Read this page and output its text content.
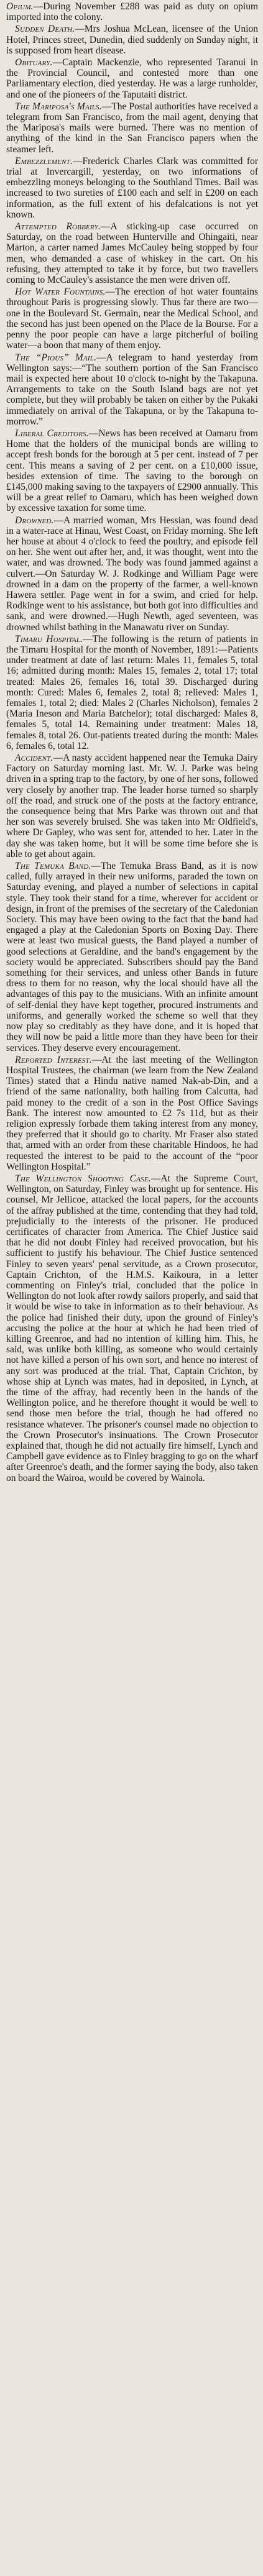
Opium.—During November £288 was paid as duty on opium imported into the colony.

Sudden Death.—Mrs Joshua McLean, licensee of the Union Hotel, Princes street, Dunedin, died suddenly on Sunday night, it is supposed from heart disease.

Obituary.—Captain Mackenzie, who represented Taranui in the Provincial Council, and contested more than one Parliamentary election, died yesterday. He was a large runholder, and one of the pioneers of the Taputaiti district.

The Mariposa's Mails.—The Postal authorities have received a telegram from San Francisco, from the mail agent, denying that the Mariposa's mails were burned. There was no mention of anything of the kind in the San Francisco papers when the steamer left.

Embezzlement.—Frederick Charles Clark was committed for trial at Invercargill, yesterday, on two informations of embezzling moneys belonging to the Southland Times. Bail was increased to two sureties of £100 each and self in £200 on each information, as the full extent of his defalcations is not yet known.

Attempted Robbery.—A sticking-up case occurred on Saturday, on the road between Hunterville and Ohingaiti, near Marton, a carter named James McCauley being stopped by four men, who demanded a case of whiskey in the cart. On his refusing, they attempted to take it by force, but two travellers coming to McCauley's assistance the men were driven off.

Hot Water Fountains.—The erection of hot water fountains throughout Paris is progressing slowly. Thus far there are two—one in the Boulevard St. Germain, near the Medical School, and the second has just been opened on the Place de la Bourse. For a penny the poor people can have a large pitcherful of boiling water—a boon that many of them enjoy.

The “Pious” Mail.—A telegram to hand yesterday from Wellington says:—“The southern portion of the San Francisco mail is expected here about 10 o'clock to-night by the Takapuna. Arrangements to take on the South Island bags are not yet complete, but they will probably be taken on either by the Pukaki immediately on arrival of the Takapuna, or by the Takapuna to-morrow.”

Liberal Creditors.—News has been received at Oamaru from Home that the holders of the municipal bonds are willing to accept fresh bonds for the borough at 5 per cent. instead of 7 per cent. This means a saving of 2 per cent. on a £10,000 issue, besides extension of time. The saving to the borough on £145,000 making saving to the taxpayers of £2900 annually. This will be a great relief to Oamaru, which has been weighed down by excessive taxation for some time.

Drowned.—A married woman, Mrs Hessian, was found dead in a water-race at Hinau, West Coast, on Friday morning. She left her house at about 4 o'clock to feed the poultry, and episode fell on her. She went out after her, and, it was thought, went into the water, and was drowned. The body was found jammed against a culvert.—On Saturday W. J. Rodkinge and William Page were drowned in a dam on the property of the farmer, a well-known Hawera settler. Page went in for a swim, and cried for help. Rodkinge went to his assistance, but both got into difficulties and sank, and were drowned.—Hugh Newth, aged seventeen, was drowned whilst bathing in the Manawatu river on Sunday.

Timaru Hospital.—The following is the return of patients in the Timaru Hospital for the month of November, 1891:—Patients under treatment at date of last return: Males 11, females 5, total 16; admitted during month: Males 15, females 2, total 17; total treated: Males 26, females 16, total 39. Discharged during month: Cured: Males 6, females 2, total 8; relieved: Males 1, females 1, total 2; died: Males 2 (Charles Nicholson), females 2 (Maria Ineson and Maria Batchelor); total discharged: Males 8, females 5, total 14. Remaining under treatment: Males 18, females 8, total 26. Out-patients treated during the month: Males 6, females 6, total 12.

Accident.—A nasty accident happened near the Temuka Dairy Factory on Saturday morning last. Mr. W. J. Parke was being driven in a spring trap to the factory, by one of her sons, followed very closely by another trap. The leader horse turned so sharply off the road, and struck one of the posts at the factory entrance, the consequence being that Mrs Parke was thrown out and that her son was severely bruised. She was taken into Mr Oldfield's, where Dr Gapley, who was sent for, attended to her. Later in the day she was taken home, but it will be some time before she is able to get about again.

The Temuka Band.—The Temuka Brass Band, as it is now called, fully arrayed in their new uniforms, paraded the town on Saturday evening, and played a number of selections in capital style. They took their stand for a time, wherever for accident or design, in front of the premises of the secretary of the Caledonian Society. This may have been owing to the fact that the band had engaged a play at the Caledonian Sports on Boxing Day. There were at least two musical guests, the Band played a number of good selections at Geraldine, and the band's engagement by the society would be appreciated. Subscribers should pay the Band something for their services, and unless other Bands in future dress to them for no reason, why the local should have all the advantages of this pay to the musicians. With an infinite amount of self-denial they have kept together, procured instruments and uniforms, and generally worked the scheme so well that they now play so creditably as they have done, and it is hoped that they will now be paid a little more than they have been for their services. They deserve every encouragement.

Reported Interest.—At the last meeting of the Wellington Hospital Trustees, the chairman (we learn from the New Zealand Times) stated that a Hindu native named Nak-ab-Din, and a friend of the same nationality, both hailing from Calcutta, had paid money to the credit of a son in the Post Office Savings Bank. The interest now amounted to £2 7s 11d, but as their religion expressly forbade them taking interest from any money, they preferred that it should go to charity. Mr Fraser also stated that, armed with an order from these charitable Hindoos, he had requested the interest to be paid to the account of the “poor Wellington Hospital.”

The Wellington Shooting Case.—At the Supreme Court, Wellington, on Saturday, Finley was brought up for sentence. His counsel, Mr Jellicoe, attacked the local papers, for the accounts of the affray published at the time, contending that they had told, prejudicially to the interests of the prisoner. He produced certificates of character from America. The Chief Justice said that he did not doubt Finley had received provocation, but his sufficient to justify his behaviour. The Chief Justice sentenced Finley to seven years' penal servitude, as a Crown prosecutor, Captain Crichton, of the H.M.S. Kaikoura, in a letter commenting on Finley's trial, concluded that the police in Wellington do not look after rowdy sailors properly, and said that it would be wise to take in information as to their behaviour. As the police had finished their duty, upon the ground of Finley's accusing the police at the hour at which he had been tried of killing Greenroe, and had no intention of killing him. This, he said, was unlike both killing, as someone who would certainly not have killed a person of his own sort, and hence no interest of any sort was produced at the trial. That, Captain Crichton, by whose ship at Lynch was mates, had in deposited, in Lynch, at the time of the affray, had recently been in the hands of the Wellington police, and he therefore thought it would be well to send those men before the trial, though he had offered no resistance whatever. The prisoner's counsel made no objection to the Crown Prosecutor's insinuations. The Crown Prosecutor explained that, though he did not actually fire himself, Lynch and Campbell gave evidence as to Finley bragging to go on the wharf after Greenroe's death, and the former saying the body, also taken on board the Wairoa, would be covered by Wainola.
